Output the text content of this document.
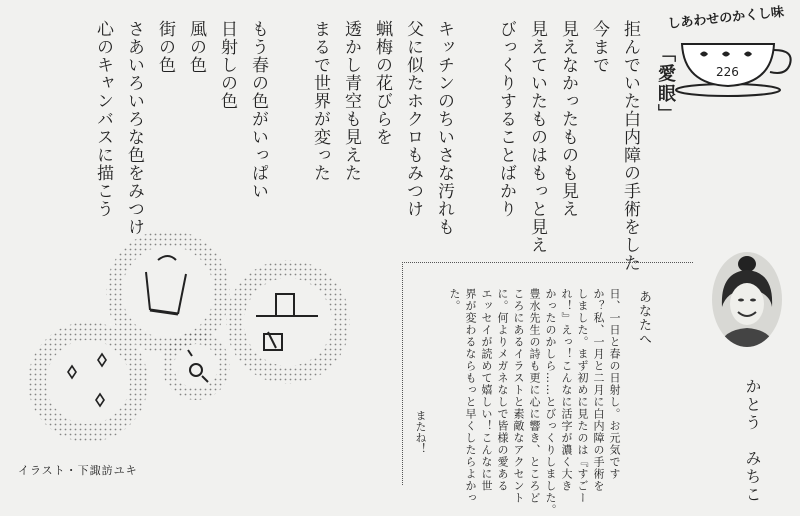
しあわせのかくし味
226
「愛眼」
拒んでいた白内障の手術をした
今まで
見えなかったものも見え
見えていたものはもっと見え
びっくりすることばかり
キッチンのちいさな汚れも
父に似たホクロもみつけ
蝋梅の花びらを
透かし青空も見えた
まるで世界が変った
もう春の色がいっぱい
日射しの色
風の色
街の色
さあいろいろな色をみつけ
心のキャンバスに描こう
かとう　みちこ
あなたへ
日、一日と春の日射し。お元気です
か？私、一月と二月に白内障の手術を
しました。まず初めに見たのは『すごー
れ！』えっ！こんなに活字が濃く大き
かったのかしら……とびっくりしました。
豊水先生の詩も更に心に響き、ところど
ころにあるイラストと素敵なアクセント
に。何よりメガネなしで皆様の愛ある
エッセイが読めて嬉しい！こんなに世
界が変わるならもっと早くしたらよかっ
た。
またね！
イラスト・下諏訪ユキ
